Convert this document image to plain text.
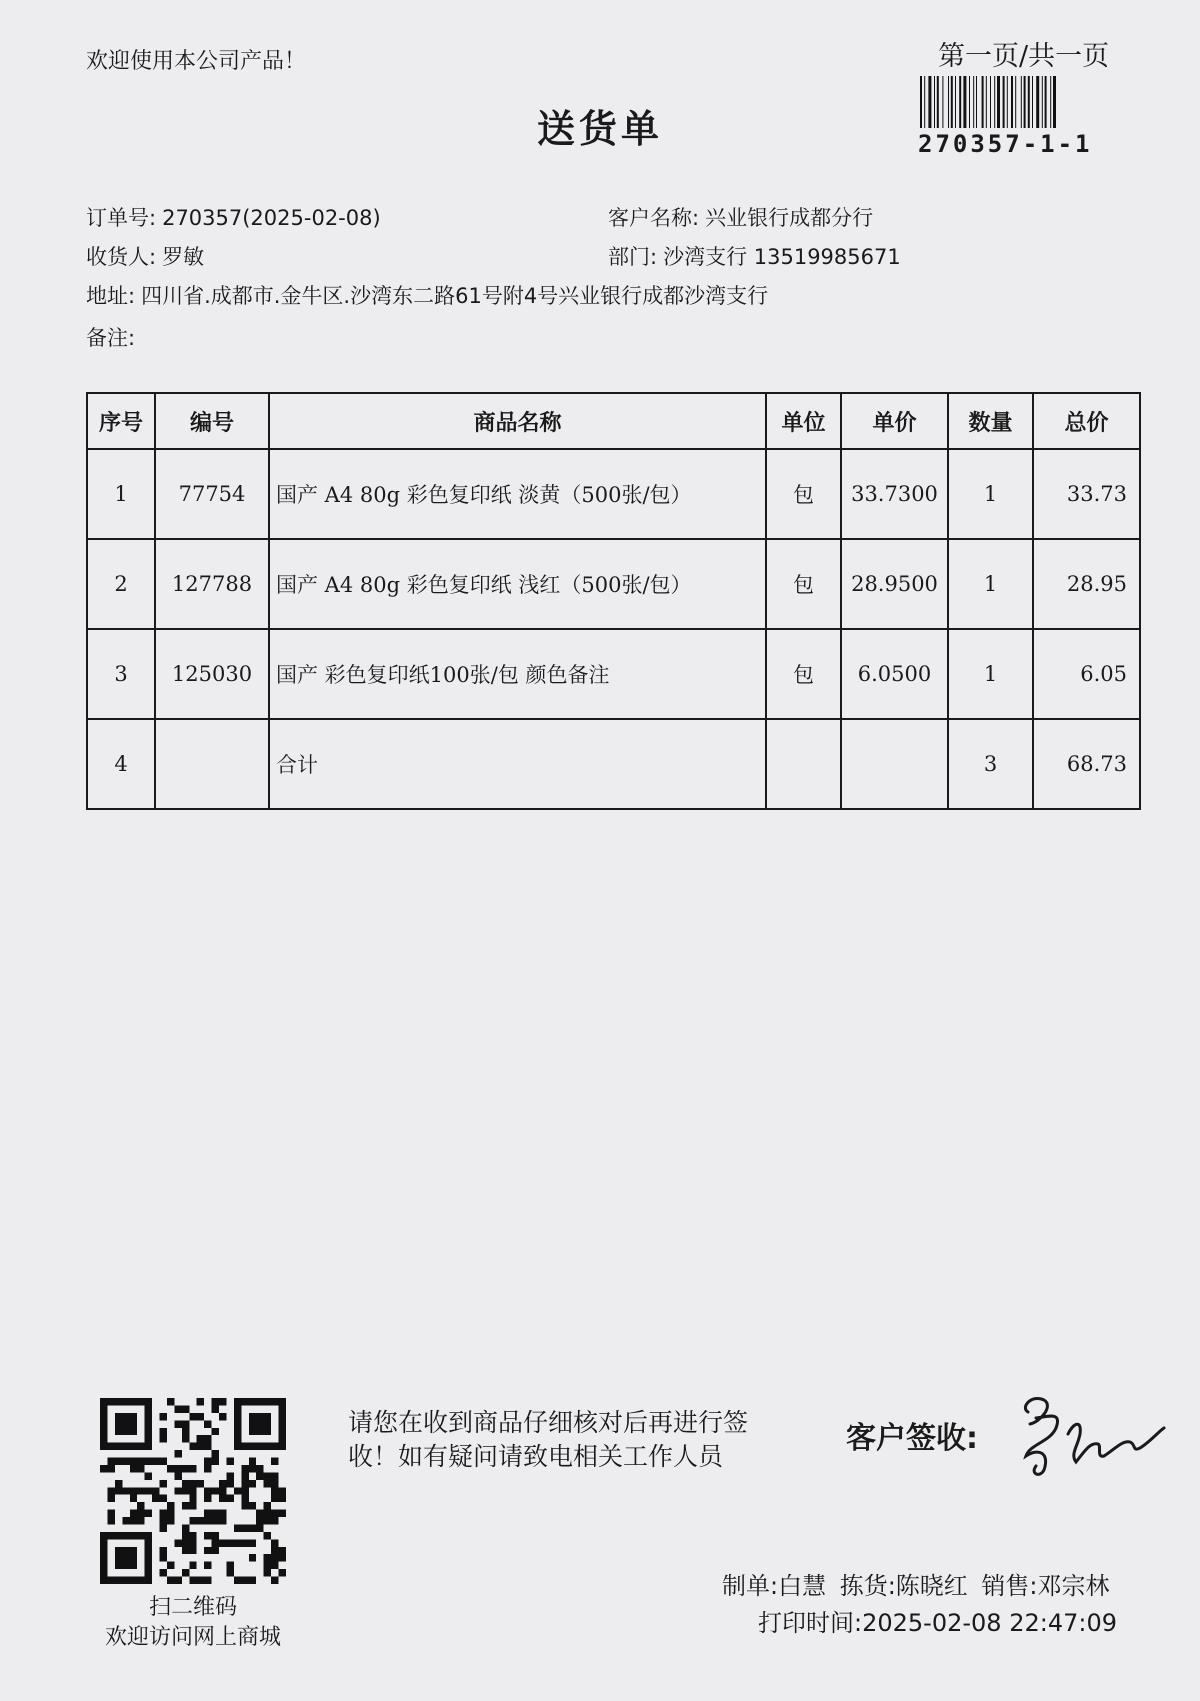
欢迎使用本公司产品！	第一页/共一页
270357-1-1
送货单
订单号: 270357(2025-02-08)	客户名称: 兴业银行成都分行
收货人: 罗敏	部门: 沙湾支行 13519985671
地址: 四川省.成都市.金牛区.沙湾东二路61号附4号兴业银行成都沙湾支行
备注:
序号	编号	商品名称	单位	单价	数量	总价
1	77754	国产 A4 80g 彩色复印纸 淡黄（500张/包）	包	33.7300	1	33.73
2	127788	国产 A4 80g 彩色复印纸 浅红（500张/包）	包	28.9500	1	28.95
3	125030	国产 彩色复印纸100张/包 颜色备注	包	6.0500	1	6.05
4		合计			3	68.73
扫二维码
欢迎访问网上商城
请您在收到商品仔细核对后再进行签收！如有疑问请致电相关工作人员
客户签收:
制单:白慧 拣货:陈晓红 销售:邓宗林
打印时间:2025-02-08 22:47:09
